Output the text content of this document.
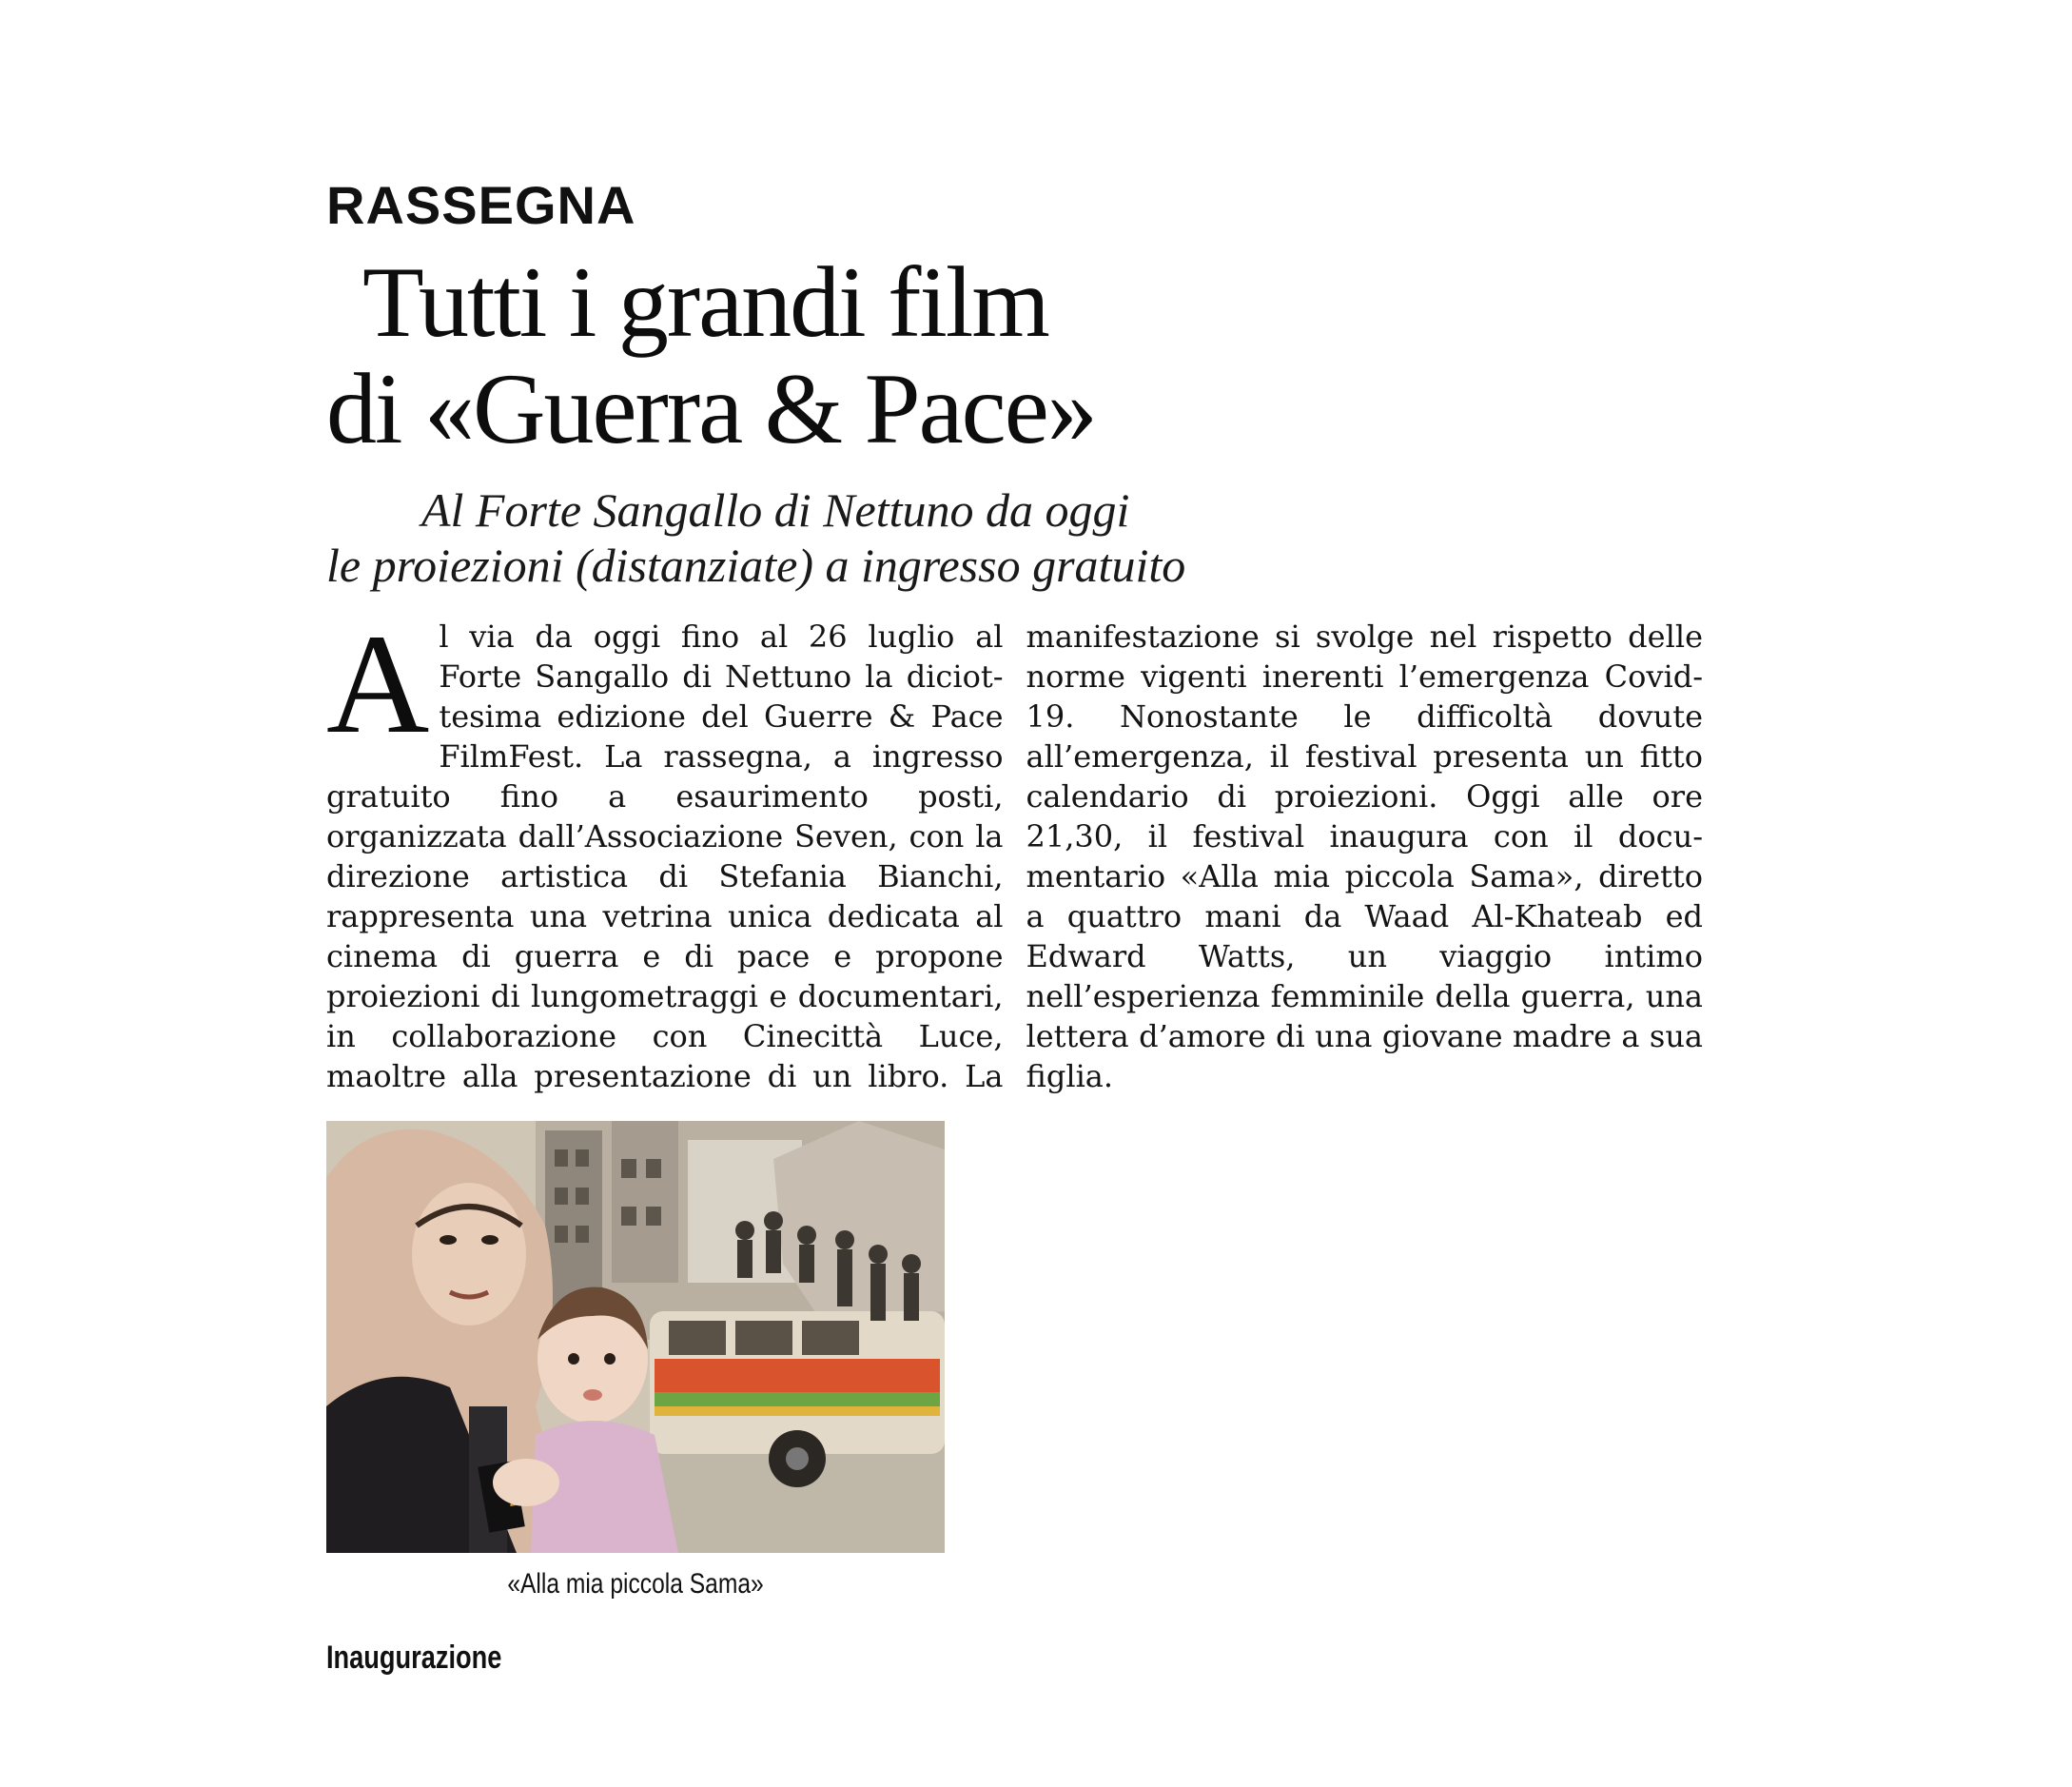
RASSEGNA
Tutti i grandi film
di «Guerra & Pace»
Al Forte Sangallo di Nettuno da oggi
le proiezioni (distanziate) a ingresso gratuito

Al via da oggi fino al 26 luglio al Forte Sangallo di Nettuno la diciottesima edizione del Guerre & Pace FilmFest. La rassegna, a ingresso gratuito fino a esaurimento posti, organizzata dall’Associazione Seven, con la direzione artistica di Stefania Bianchi, rappresenta una vetrina unica dedicata al cinema di guerra e di pace e propone proiezioni di lungometraggi e documentari, in collaborazione con Cinecittà Luce, maoltre alla presentazione di un libro. La manifestazione si svolge nel rispetto delle norme vigenti inerenti l’emergenza Covid-19. Nonostante le difficoltà dovute all’emergenza, il festival presenta un fitto calendario di proiezioni. Oggi alle ore 21,30, il festival inaugura con il documentario «Alla mia piccola Sama», diretto a quattro mani da Waad Al-Khateab ed Edward Watts, un viaggio intimo nell’esperienza femminile della guerra, una lettera d’amore di una giovane madre a sua figlia.

«Alla mia piccola Sama»
Inaugurazione
